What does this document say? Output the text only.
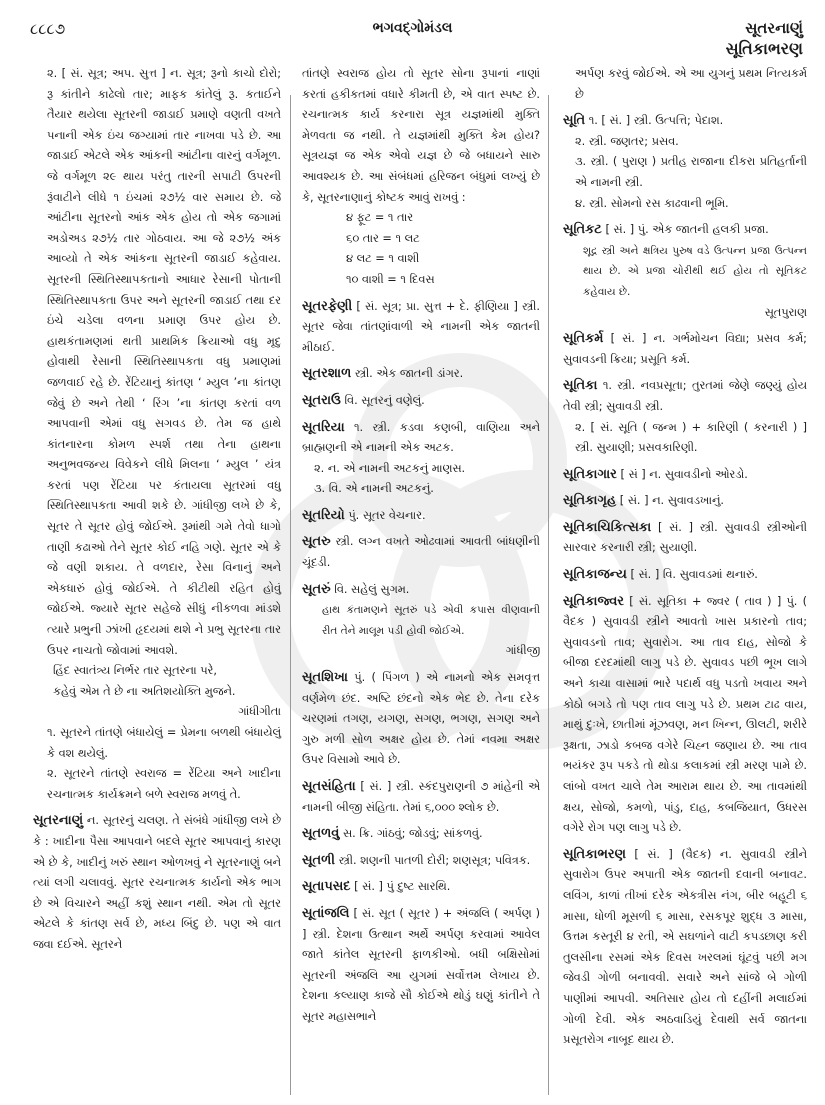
૮૮૮૭	ભગવદ્ગોમંડલ	સૂતરનાણું
સૂતિકાભરણ
૨. [ સં. સૂત્ર; અપ. સુત્ત ] ન. સૂત્ર; રૂનો કાચો દોરો; રૂ કાંતીને કાઢેલો તાર; માફક કાંતેલું રૂ. કતાઈને તૈયાર થયેલા સૂતરની જાડાઈ પ્રમાણે વણતી વખતે પનાની એક ઇંચ જગ્યામાં તાર નાખવા પડે છે. આ જાડાઈ એટલે એક આંકની આંટીના વારનું વર્ગમૂળ. જે વર્ગમૂળ ૨૯ થાય પરંતુ તારની સપાટી ઉપરની રૂંવાટીને લીધે ૧ ઇંચમાં ૨૭½ વાર સમાય છે. જે આંટીના સૂતરનો આંક એક હોય તો એક જગામાં અડોઅડ ૨૭½ તાર ગોઠવાય. આ જે ૨૭½ અંક આવ્યો તે એક આંકના સૂતરની જાડાઈ કહેવાય. સૂતરની સ્થિતિસ્થાપકતાનો આધાર રેસાની પોતાની સ્થિતિસ્થાપકતા ઉપર અને સૂતરની જાડાઈ તથા દર ઇંચે ચડેલા વળના પ્રમાણ ઉપર હોય છે. હાથકંતામણમાં થતી પ્રાથમિક ક્રિયાઓ વધુ મૃદુ હોવાથી રેસાની સ્થિતિસ્થાપકતા વધુ પ્રમાણમાં જળવાઈ રહે છે. રેંટિયાનું કાંતણ ‘ મ્યુલ ’ના કાંતણ જેવું છે અને તેથી ‘ રિંગ ’ના કાંતણ કરતાં વળ આપવાની એમાં વધુ સગવડ છે. તેમ જ હાથે કાંતનારના કોમળ સ્પર્શ તથા તેના હાથના અનુભવજન્ય વિવેકને લીધે મિલના ‘ મ્યુલ ’ યંત્ર કરતાં પણ રેંટિયા પર કંતાયલા સૂતરમાં વધુ સ્થિતિસ્થાપકતા આવી શકે છે. ગાંધીજી લખે છે કે, સૂતર તે સૂતર હોવું જોઈએ. રૂમાંથી ગમે તેવો ધાગો તાણી કઢાઓ તેને સૂતર કોઈ નહિ ગણે. સૂતર એ કે જે વણી શકાય. તે વળદાર, રેસા વિનાનું અને એકધારું હોવું જોઈએ. તે કીટીથી રહિત હોવું જોઈએ. જ્યારે સૂતર સહેજે સીધું નીકળવા માંડશે ત્યારે પ્રભુની ઝાંખી હૃદયમાં થશે ને પ્રભુ સૂતરના તાર ઉપર નાચતો જોવામાં આવશે.
હિંદ સ્વાતંત્ર્ય નિર્ભર તાર સૂતરના પરે,
કહેવું એમ તે છે ના અતિશયોક્તિ મુજને.
ગાંધીગીતા
૧. સૂતરને તાંતણે બંધાયેલું = પ્રેમના બળથી બંધાયેલું કે વશ થયેલું.
૨. સૂતરને તાંતણે સ્વરાજ = રેંટિયા અને ખાદીના રચનાત્મક કાર્યક્રમને બળે સ્વરાજ મળવું તે.
સૂતરનાણું ન. સૂતરનું ચલણ. તે સંબંધે ગાંધીજી લખે છે કે : ખાદીના પૈસા આપવાને બદલે સૂતર આપવાનું કારણ એ છે કે, ખાદીનું ખરું સ્થાન ઓળખવું ને સૂતરનાણું બને ત્યાં લગી ચલાવવું. સૂતર રચનાત્મક કાર્યનો એક ભાગ છે એ વિચારને અહીં કશું સ્થાન નથી. એમ તો સૂતર એટલે કે કાંતણ સર્વ છે, મધ્ય બિંદુ છે. પણ એ વાત જવા દઈએ. સૂતરને
તાંતણે સ્વરાજ હોય તો સૂતર સોના રૂપાનાં નાણાં કરતાં હકીકતમાં વધારે કીમતી છે, એ વાત સ્પષ્ટ છે. રચનાત્મક કાર્ય કરનારા સૂત્ર યજ્ઞમાંથી મુક્તિ મેળવતા જ નથી. તે યજ્ઞમાંથી મુક્તિ કેમ હોય? સૂત્રયજ્ઞ જ એક એવો યજ્ઞ છે જે બધાયને સારુ આવશ્યક છે. આ સંબંધમાં હરિજન બંધુમાં લખ્યું છે કે, સૂતરનાણાનું કોષ્ટક આવું રાખવું :
૪ ફૂટ = ૧ તાર
૬૦ તાર = ૧ લટ
૪ લટ = ૧ વાશી
૧૦ વાશી = ૧ દિવસ
સૂતરફેણી [ સં. સૂત્ર; પ્રા. સુત્ત + દે. ફીણિયા ] સ્ત્રી. સૂતર જેવા તાંતણાંવાળી એ નામની એક જાતની મીઠાઈ.
સૂતરશાળ સ્ત્રી. એક જાતની ડાંગર.
સૂતરાઉ વિ. સૂતરનું વણેલું.
સૂતરિયા ૧. સ્ત્રી. કડવા કણબી, વાણિયા અને બ્રાહ્મણની એ નામની એક અટક.
૨. ન. એ નામની અટકનું માણસ.
૩. વિ. એ નામની અટકનું.
સૂતરિયો પું. સૂતર વેચનાર.
સૂતરુ સ્ત્રી. લગ્ન વખતે ઓઢવામાં આવતી બાંધણીની ચૂંદડી.
સૂતરું વિ. સહેલું સુગમ.
હાથ કંતામણને સૂતરું પડે એવી કપાસ વીણવાની રીત તેને માલૂમ પડી હોવી જોઈએ.
ગાંધીજી
સૂતશિખા પું. ( પિંગળ ) એ નામનો એક સમવૃત્ત વર્ણમેળ છંદ. અષ્ટિ છંદનો એક ભેદ છે. તેના દરેક ચરણમાં તગણ, યગણ, સગણ, ભગણ, સગણ અને ગુરુ મળી સોળ અક્ષર હોય છે. તેમાં નવમા અક્ષર ઉપર વિસામો આવે છે.
સૂતસંહિતા [ સં. ] સ્ત્રી. સ્કંદપુરાણની ૭ માંહેની એ નામની બીજી સંહિતા. તેમાં ૬,૦૦૦ શ્લોક છે.
સૂતળવું સ. ક્રિ. ગાંઠવું; જોડવું; સાંકળવું.
સૂતળી સ્ત્રી. શણની પાતળી દોરી; શણસૂત્ર; પવિત્રક.
સૂતાપસદ [ સં. ] પું દુષ્ટ સારથિ.
સૂતાંજલિ [ સં. સૂત ( સૂતર ) + અંજલિ ( અર્પણ ) ] સ્ત્રી. દેશના ઉત્થાન અર્થે અર્પણ કરવામાં આવેલ જાતે કાંતેલ સૂતરની ફાળકીઓ. બધી બક્ષિસોમાં સૂતરની અંજલિ આ યુગમાં સર્વોત્તમ લેખાય છે. દેશના કલ્યાણ કાજે સૌ કોઈએ થોડું ઘણું કાંતીને તે સૂતર મહાસભાને
અર્પણ કરવું જોઈએ. એ આ યુગનું પ્રથમ નિત્યકર્મ છે
સૂતિ ૧. [ સં. ] સ્ત્રી. ઉત્પત્તિ; પેદાશ.
૨. સ્ત્રી. જણતર; પ્રસવ.
૩. સ્ત્રી. ( પુરાણ ) પ્રતીહ રાજાના દીકરા પ્રતિહર્તાની એ નામની સ્ત્રી.
૪. સ્ત્રી. સોમનો રસ કાઢવાની ભૂમિ.
સૂતિકટ [ સં. ] પું. એક જાતની હલકી પ્રજા.
શૂદ્ર સ્ત્રી અને ક્ષત્રિય પુરુષ વડે ઉત્પન્ન પ્રજા ઉત્પન્ન થાય છે. એ પ્રજા ચોરીથી થઈ હોય તો સૂતિકટ કહેવાય છે.
સૂતપુરાણ
સૂતિકર્મ [ સં. ] ન. ગર્ભમોચન વિદ્યા; પ્રસવ કર્મ; સુવાવડની ક્રિયા; પ્રસૂતિ કર્મ.
સૂતિકા ૧. સ્ત્રી. નવપ્રસૂતા; તુરતમાં જેણે જણ્યું હોય તેવી સ્ત્રી; સુવાવડી સ્ત્રી.
૨. [ સં. સૂતિ ( જન્મ ) + કારિણી ( કરનારી ) ] સ્ત્રી. સુયાણી; પ્રસવકારિણી.
સૂતિકાગાર [ સં ] ન. સુવાવડીનો ઓરડો.
સૂતિકાગૃહ [ સં. ] ન. સુવાવડખાનું.
સૂતિકાચિકિત્સકા [ સં. ] સ્ત્રી. સુવાવડી સ્ત્રીઓની સારવાર કરનારી સ્ત્રી; સુયાણી.
સૂતિકાજન્ય [ સં. ] વિ. સુવાવડમાં થનારું.
સૂતિકાજ્વર [ સં. સૂતિકા + જ્વર ( તાવ ) ] પું. ( વૈદક ) સુવાવડી સ્ત્રીને આવતો ખાસ પ્રકારનો તાવ; સુવાવડનો તાવ; સુવારોગ. આ તાવ દાહ, સોજો કે બીજા દરદમાંથી લાગુ પડે છે. સુવાવડ પછી ભૂખ લાગે અને કાચા વાસામાં ભારે પદાર્થ વધુ પડતો ખવાય અને કોઠો બગડે તો પણ તાવ લાગુ પડે છે. પ્રથમ ટાઢ વાય, માથું દુઃખે, છાતીમાં મૂંઝવણ, મન ખિન્ન, ઊલટી, શરીરે રૂક્ષતા, ઝાડો કબજ વગેરે ચિહ્ન જણાય છે. આ તાવ ભયંકર રૂપ પકડે તો થોડા કલાકમાં સ્ત્રી મરણ પામે છે. લાંબો વખત ચાલે તેમ આરામ થાય છે. આ તાવમાંથી ક્ષય, સોજો, કમળો, પાંડુ, દાહ, કબજિયાત, ઉધરસ વગેરે રોગ પણ લાગુ પડે છે.
સૂતિકાભરણ [ સં. ] (વૈદક) ન. સુવાવડી સ્ત્રીને સુવારોગ ઉપર અપાતી એક જાતની દવાની બનાવટ. લવિંગ, કાળાં તીખાં દરેક એકત્રીસ નંગ, બીર બહૂટી ૬ માસા, ધોળી મૂસળી ૬ માસા, રસકપૂર શુદ્ધ ૩ માસા, ઉત્તમ કસ્તૂરી ૪ રતી, એ સઘળાંને વાટી કપડછાણ કરી તુલસીના રસમાં એક દિવસ ખરલમાં ઘૂંટવું પછી મગ જેવડી ગોળી બનાવવી. સવારે અને સાંજે બે ગોળી પાણીમાં આપવી. અતિસાર હોય તો દહીંની મલાઈમાં ગોળી દેવી. એક અઠવાડિયું દેવાથી સર્વ જાતના પ્રસૂતરોગ નાબૂદ થાય છે.
